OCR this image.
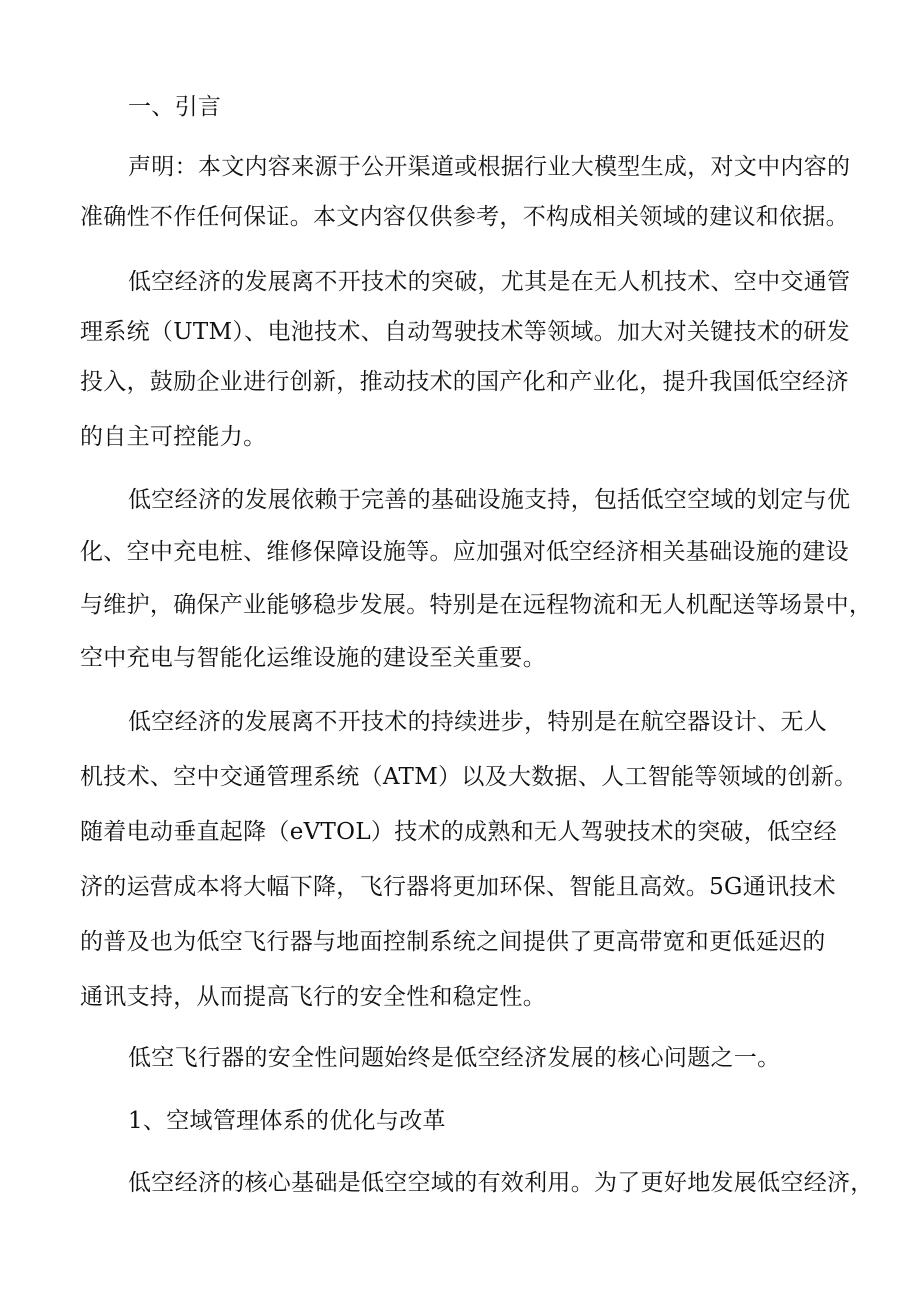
一、引言
声明：本文内容来源于公开渠道或根据行业大模型生成，对文中内容的
准确性不作任何保证。本文内容仅供参考，不构成相关领域的建议和依据。
低空经济的发展离不开技术的突破，尤其是在无人机技术、空中交通管
理系统（UTM）、电池技术、自动驾驶技术等领域。加大对关键技术的研发
投入，鼓励企业进行创新，推动技术的国产化和产业化，提升我国低空经济
的自主可控能力。
低空经济的发展依赖于完善的基础设施支持，包括低空空域的划定与优
化、空中充电桩、维修保障设施等。应加强对低空经济相关基础设施的建设
与维护，确保产业能够稳步发展。特别是在远程物流和无人机配送等场景中，
空中充电与智能化运维设施的建设至关重要。
低空经济的发展离不开技术的持续进步，特别是在航空器设计、无人
机技术、空中交通管理系统（ATM）以及大数据、人工智能等领域的创新。
随着电动垂直起降（eVTOL）技术的成熟和无人驾驶技术的突破，低空经
济的运营成本将大幅下降，飞行器将更加环保、智能且高效。5G通讯技术
的普及也为低空飞行器与地面控制系统之间提供了更高带宽和更低延迟的
通讯支持，从而提高飞行的安全性和稳定性。
低空飞行器的安全性问题始终是低空经济发展的核心问题之一。
1、空域管理体系的优化与改革
低空经济的核心基础是低空空域的有效利用。为了更好地发展低空经济，
